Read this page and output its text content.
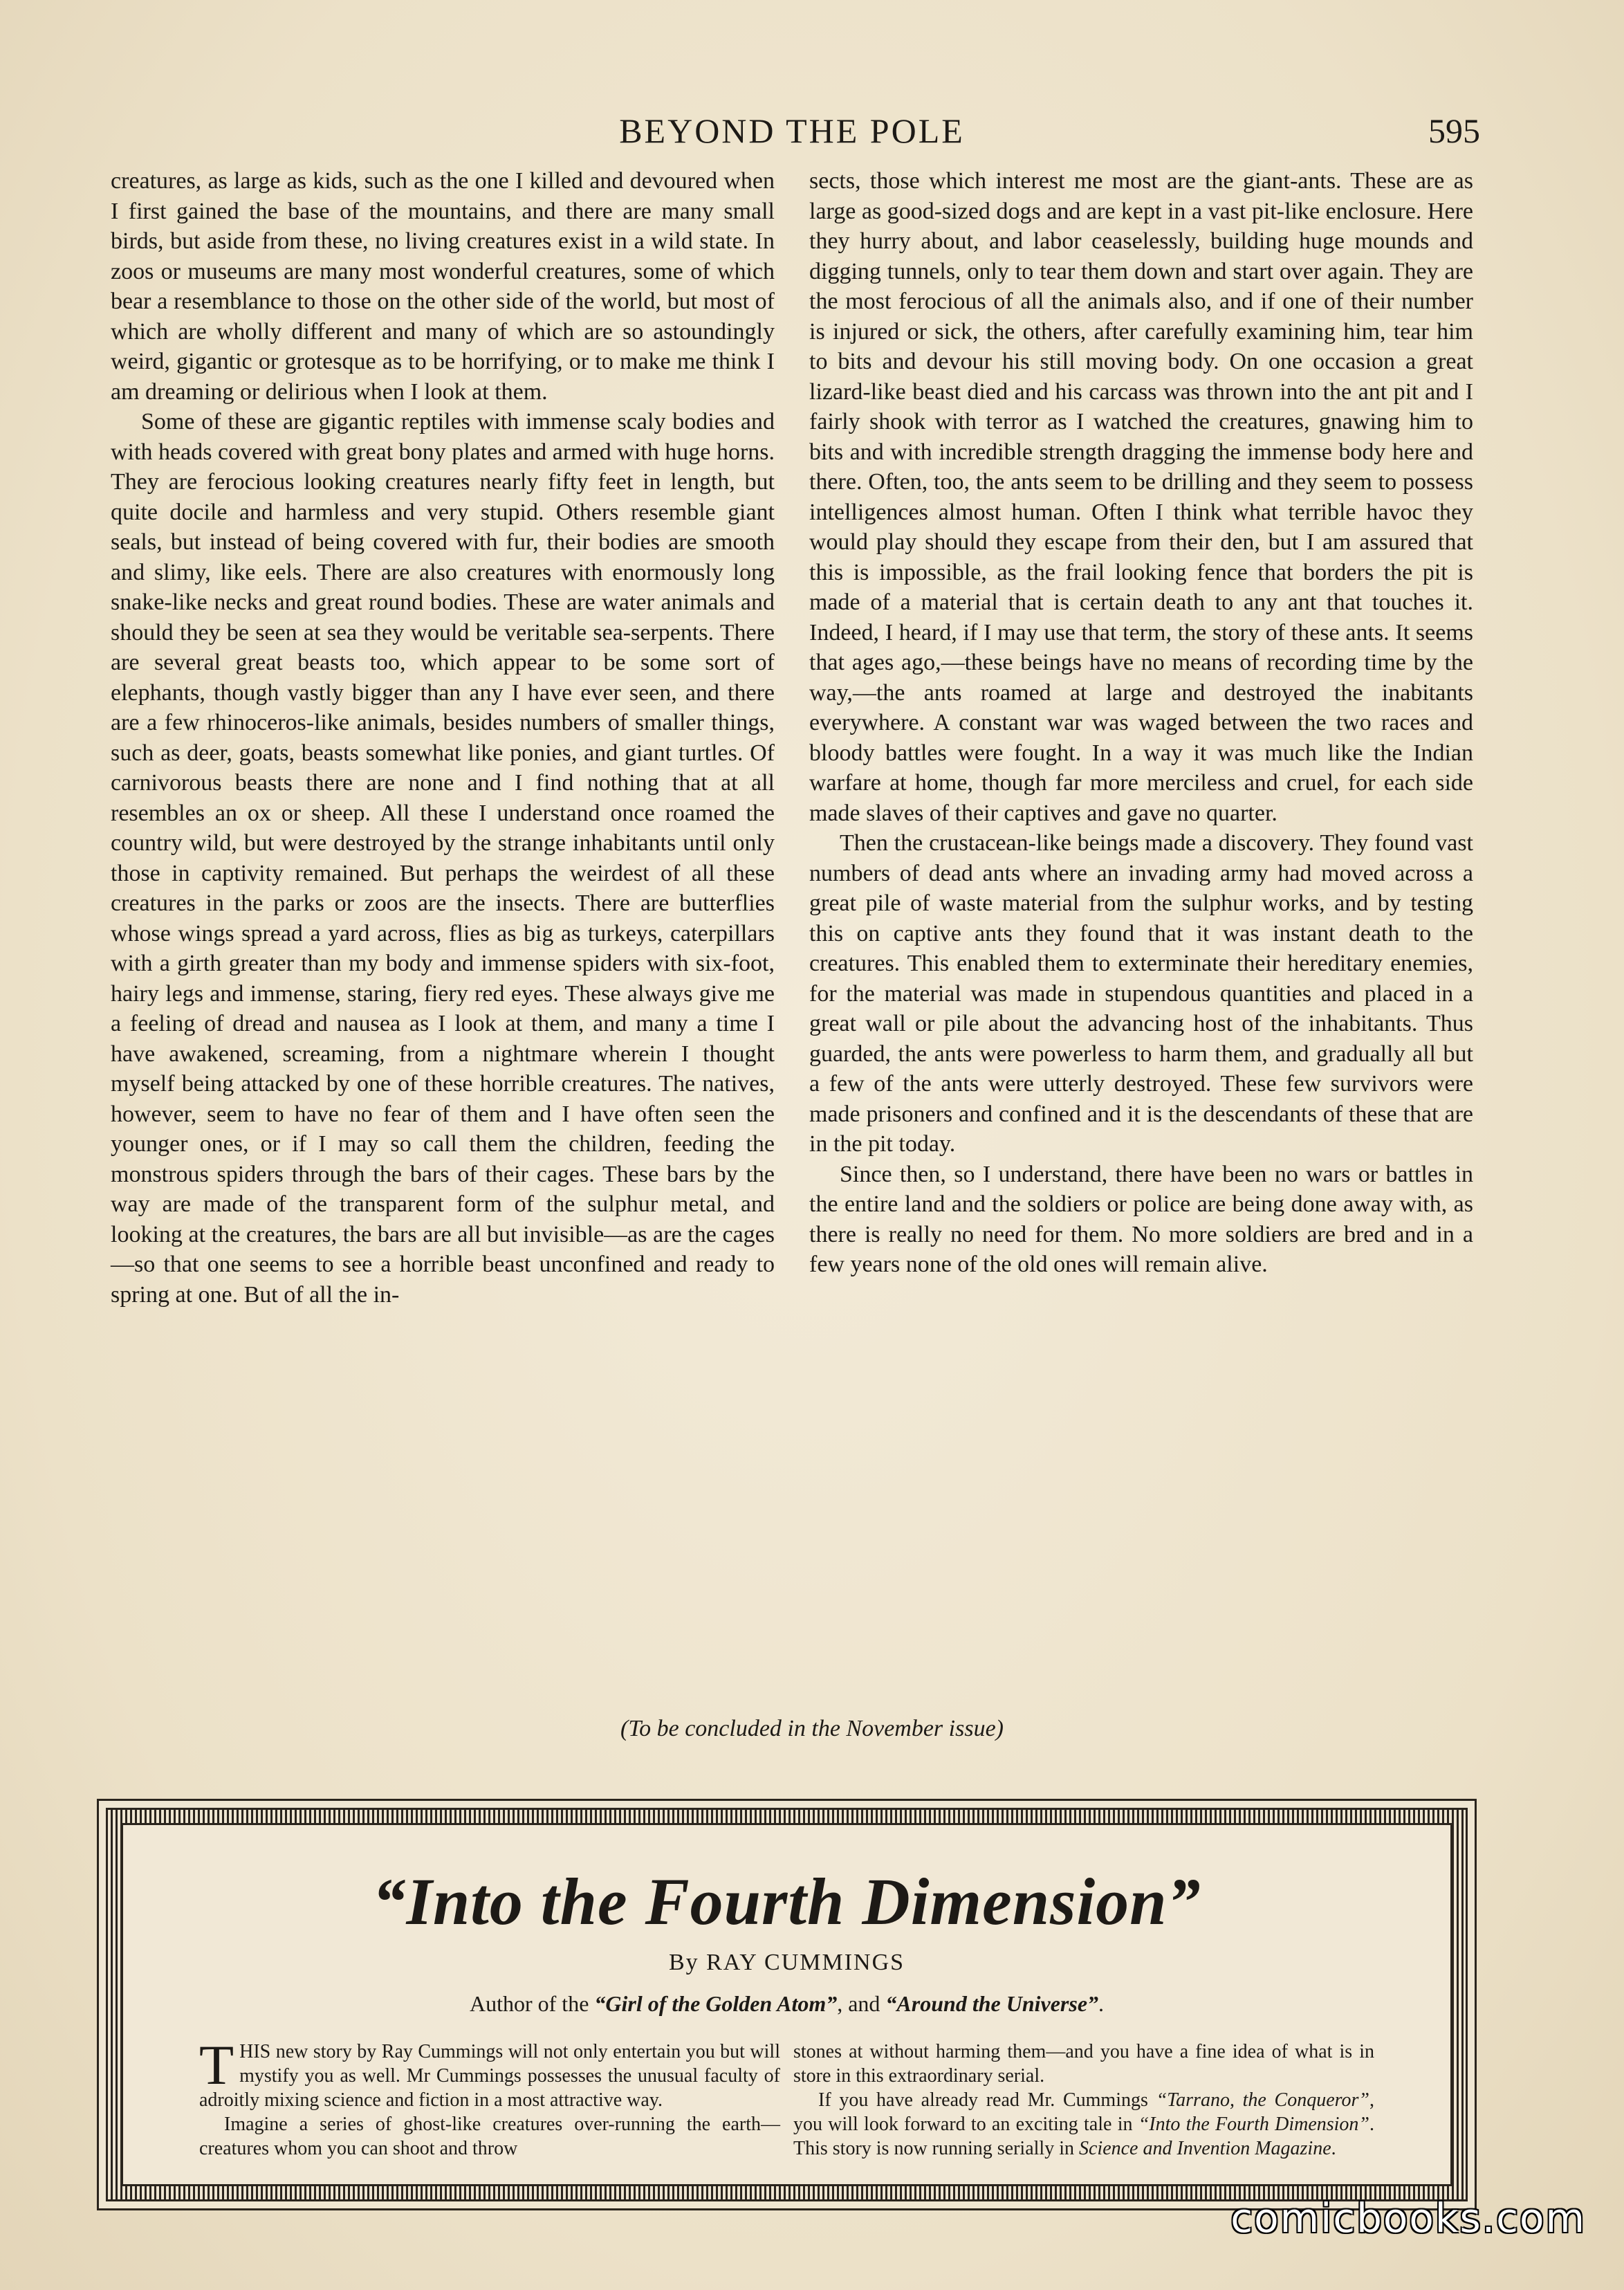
BEYOND THE POLE	595

creatures, as large as kids, such as the one I killed and devoured when I first gained the base of the mountains, and there are many small birds, but aside from these, no living creatures exist in a wild state. In zoos or museums are many most wonderful creatures, some of which bear a resemblance to those on the other side of the world, but most of which are wholly different and many of which are so astoundingly weird, gigantic or grotesque as to be horrifying, or to make me think I am dreaming or delirious when I look at them.

Some of these are gigantic reptiles with immense scaly bodies and with heads covered with great bony plates and armed with huge horns. They are ferocious looking creatures nearly fifty feet in length, but quite docile and harmless and very stupid. Others resemble giant seals, but instead of being covered with fur, their bodies are smooth and slimy, like eels. There are also creatures with enormously long snake-like necks and great round bodies. These are water animals and should they be seen at sea they would be veritable sea-serpents. There are several great beasts too, which appear to be some sort of elephants, though vastly bigger than any I have ever seen, and there are a few rhinoceros-like animals, besides numbers of smaller things, such as deer, goats, beasts somewhat like ponies, and giant turtles. Of carnivorous beasts there are none and I find nothing that at all resembles an ox or sheep. All these I understand once roamed the country wild, but were destroyed by the strange inhabitants until only those in captivity remained. But perhaps the weirdest of all these creatures in the parks or zoos are the insects. There are butterflies whose wings spread a yard across, flies as big as turkeys, caterpillars with a girth greater than my body and immense spiders with six-foot, hairy legs and immense, staring, fiery red eyes. These always give me a feeling of dread and nausea as I look at them, and many a time I have awakened, screaming, from a nightmare wherein I thought myself being attacked by one of these horrible creatures. The natives, however, seem to have no fear of them and I have often seen the younger ones, or if I may so call them the children, feeding the monstrous spiders through the bars of their cages. These bars by the way are made of the transparent form of the sulphur metal, and looking at the creatures, the bars are all but invisible—as are the cages—so that one seems to see a horrible beast unconfined and ready to spring at one. But of all the in-

sects, those which interest me most are the giant-ants. These are as large as good-sized dogs and are kept in a vast pit-like enclosure. Here they hurry about, and labor ceaselessly, building huge mounds and digging tunnels, only to tear them down and start over again. They are the most ferocious of all the animals also, and if one of their number is injured or sick, the others, after carefully examining him, tear him to bits and devour his still moving body. On one occasion a great lizard-like beast died and his carcass was thrown into the ant pit and I fairly shook with terror as I watched the creatures, gnawing him to bits and with incredible strength dragging the immense body here and there. Often, too, the ants seem to be drilling and they seem to possess intelligences almost human. Often I think what terrible havoc they would play should they escape from their den, but I am assured that this is impossible, as the frail looking fence that borders the pit is made of a material that is certain death to any ant that touches it. Indeed, I heard, if I may use that term, the story of these ants. It seems that ages ago,—these beings have no means of recording time by the way,—the ants roamed at large and destroyed the inabitants everywhere. A constant war was waged between the two races and bloody battles were fought. In a way it was much like the Indian warfare at home, though far more merciless and cruel, for each side made slaves of their captives and gave no quarter.

Then the crustacean-like beings made a discovery. They found vast numbers of dead ants where an invading army had moved across a great pile of waste material from the sulphur works, and by testing this on captive ants they found that it was instant death to the creatures. This enabled them to exterminate their hereditary enemies, for the material was made in stupendous quantities and placed in a great wall or pile about the advancing host of the inhabitants. Thus guarded, the ants were powerless to harm them, and gradually all but a few of the ants were utterly destroyed. These few survivors were made prisoners and confined and it is the descendants of these that are in the pit today.

Since then, so I understand, there have been no wars or battles in the entire land and the soldiers or police are being done away with, as there is really no need for them. No more soldiers are bred and in a few years none of the old ones will remain alive.

(To be concluded in the November issue)
“Into the Fourth Dimension”
By RAY CUMMINGS
Author of the “Girl of the Golden Atom”, and “Around the Universe”.

THIS new story by Ray Cummings will not only entertain you but will mystify you as well. Mr Cummings possesses the unusual faculty of adroitly mixing science and fiction in a most attractive way.

Imagine a series of ghost-like creatures over-running the earth—creatures whom you can shoot and throw

stones at without harming them—and you have a fine idea of what is in store in this extraordinary serial.

If you have already read Mr. Cummings “Tarrano, the Conqueror”, you will look forward to an exciting tale in “Into the Fourth Dimension”. This story is now running serially in Science and Invention Magazine.

comicbooks.com
